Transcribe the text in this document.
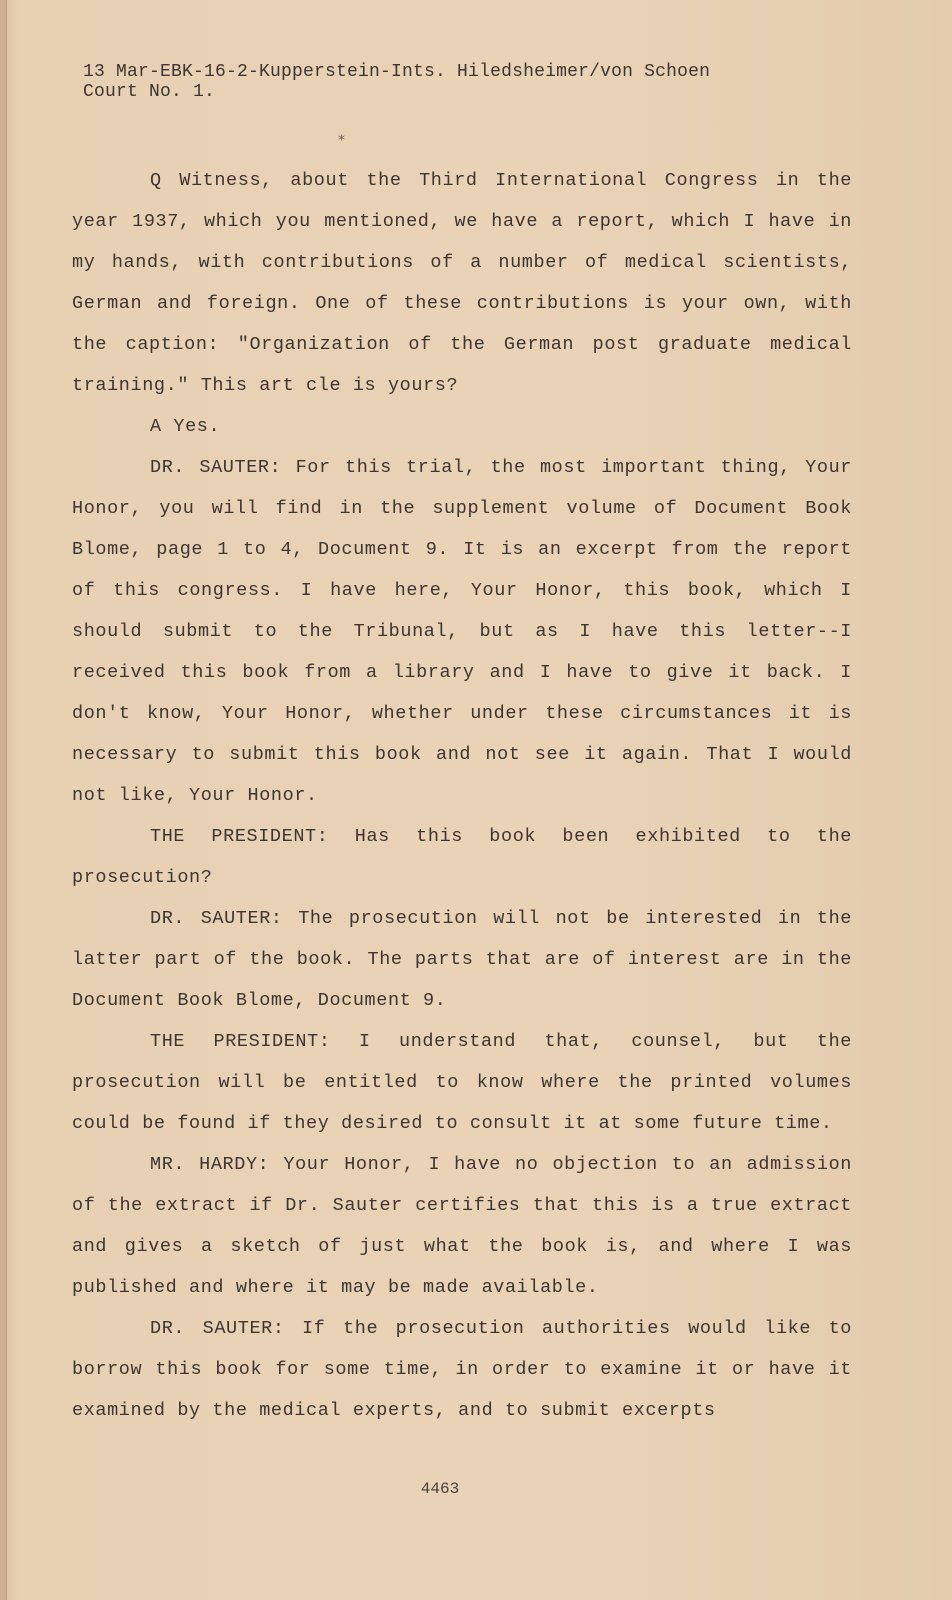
13 Mar-EBK-16-2-Kupperstein-Ints. Hiledsheimer/von Schoen
Court No. 1.
⁎

Q Witness, about the Third International Congress in the year 1937, which you mentioned, we have a report, which I have in my hands, with contributions of a number of medical scientists, German and foreign. One of these contributions is your own, with the caption: "Organization of the German post graduate medical training." This art cle is yours?

A Yes.

DR. SAUTER: For this trial, the most important thing, Your Honor, you will find in the supplement volume of Document Book Blome, page 1 to 4, Document 9. It is an excerpt from the report of this congress. I have here, Your Honor, this book, which I should submit to the Tribunal, but as I have this letter--I received this book from a library and I have to give it back. I don't know, Your Honor, whether under these circumstances it is necessary to submit this book and not see it again. That I would not like, Your Honor.

THE PRESIDENT: Has this book been exhibited to the prosecution?

DR. SAUTER: The prosecution will not be interested in the latter part of the book. The parts that are of interest are in the Document Book Blome, Document 9.

THE PRESIDENT: I understand that, counsel, but the prosecution will be entitled to know where the printed volumes could be found if they desired to consult it at some future time.

MR. HARDY: Your Honor, I have no objection to an admission of the extract if Dr. Sauter certifies that this is a true extract and gives a sketch of just what the book is, and where I was published and where it may be made available.

DR. SAUTER: If the prosecution authorities would like to borrow this book for some time, in order to examine it or have it examined by the medical experts, and to submit excerpts

4463
